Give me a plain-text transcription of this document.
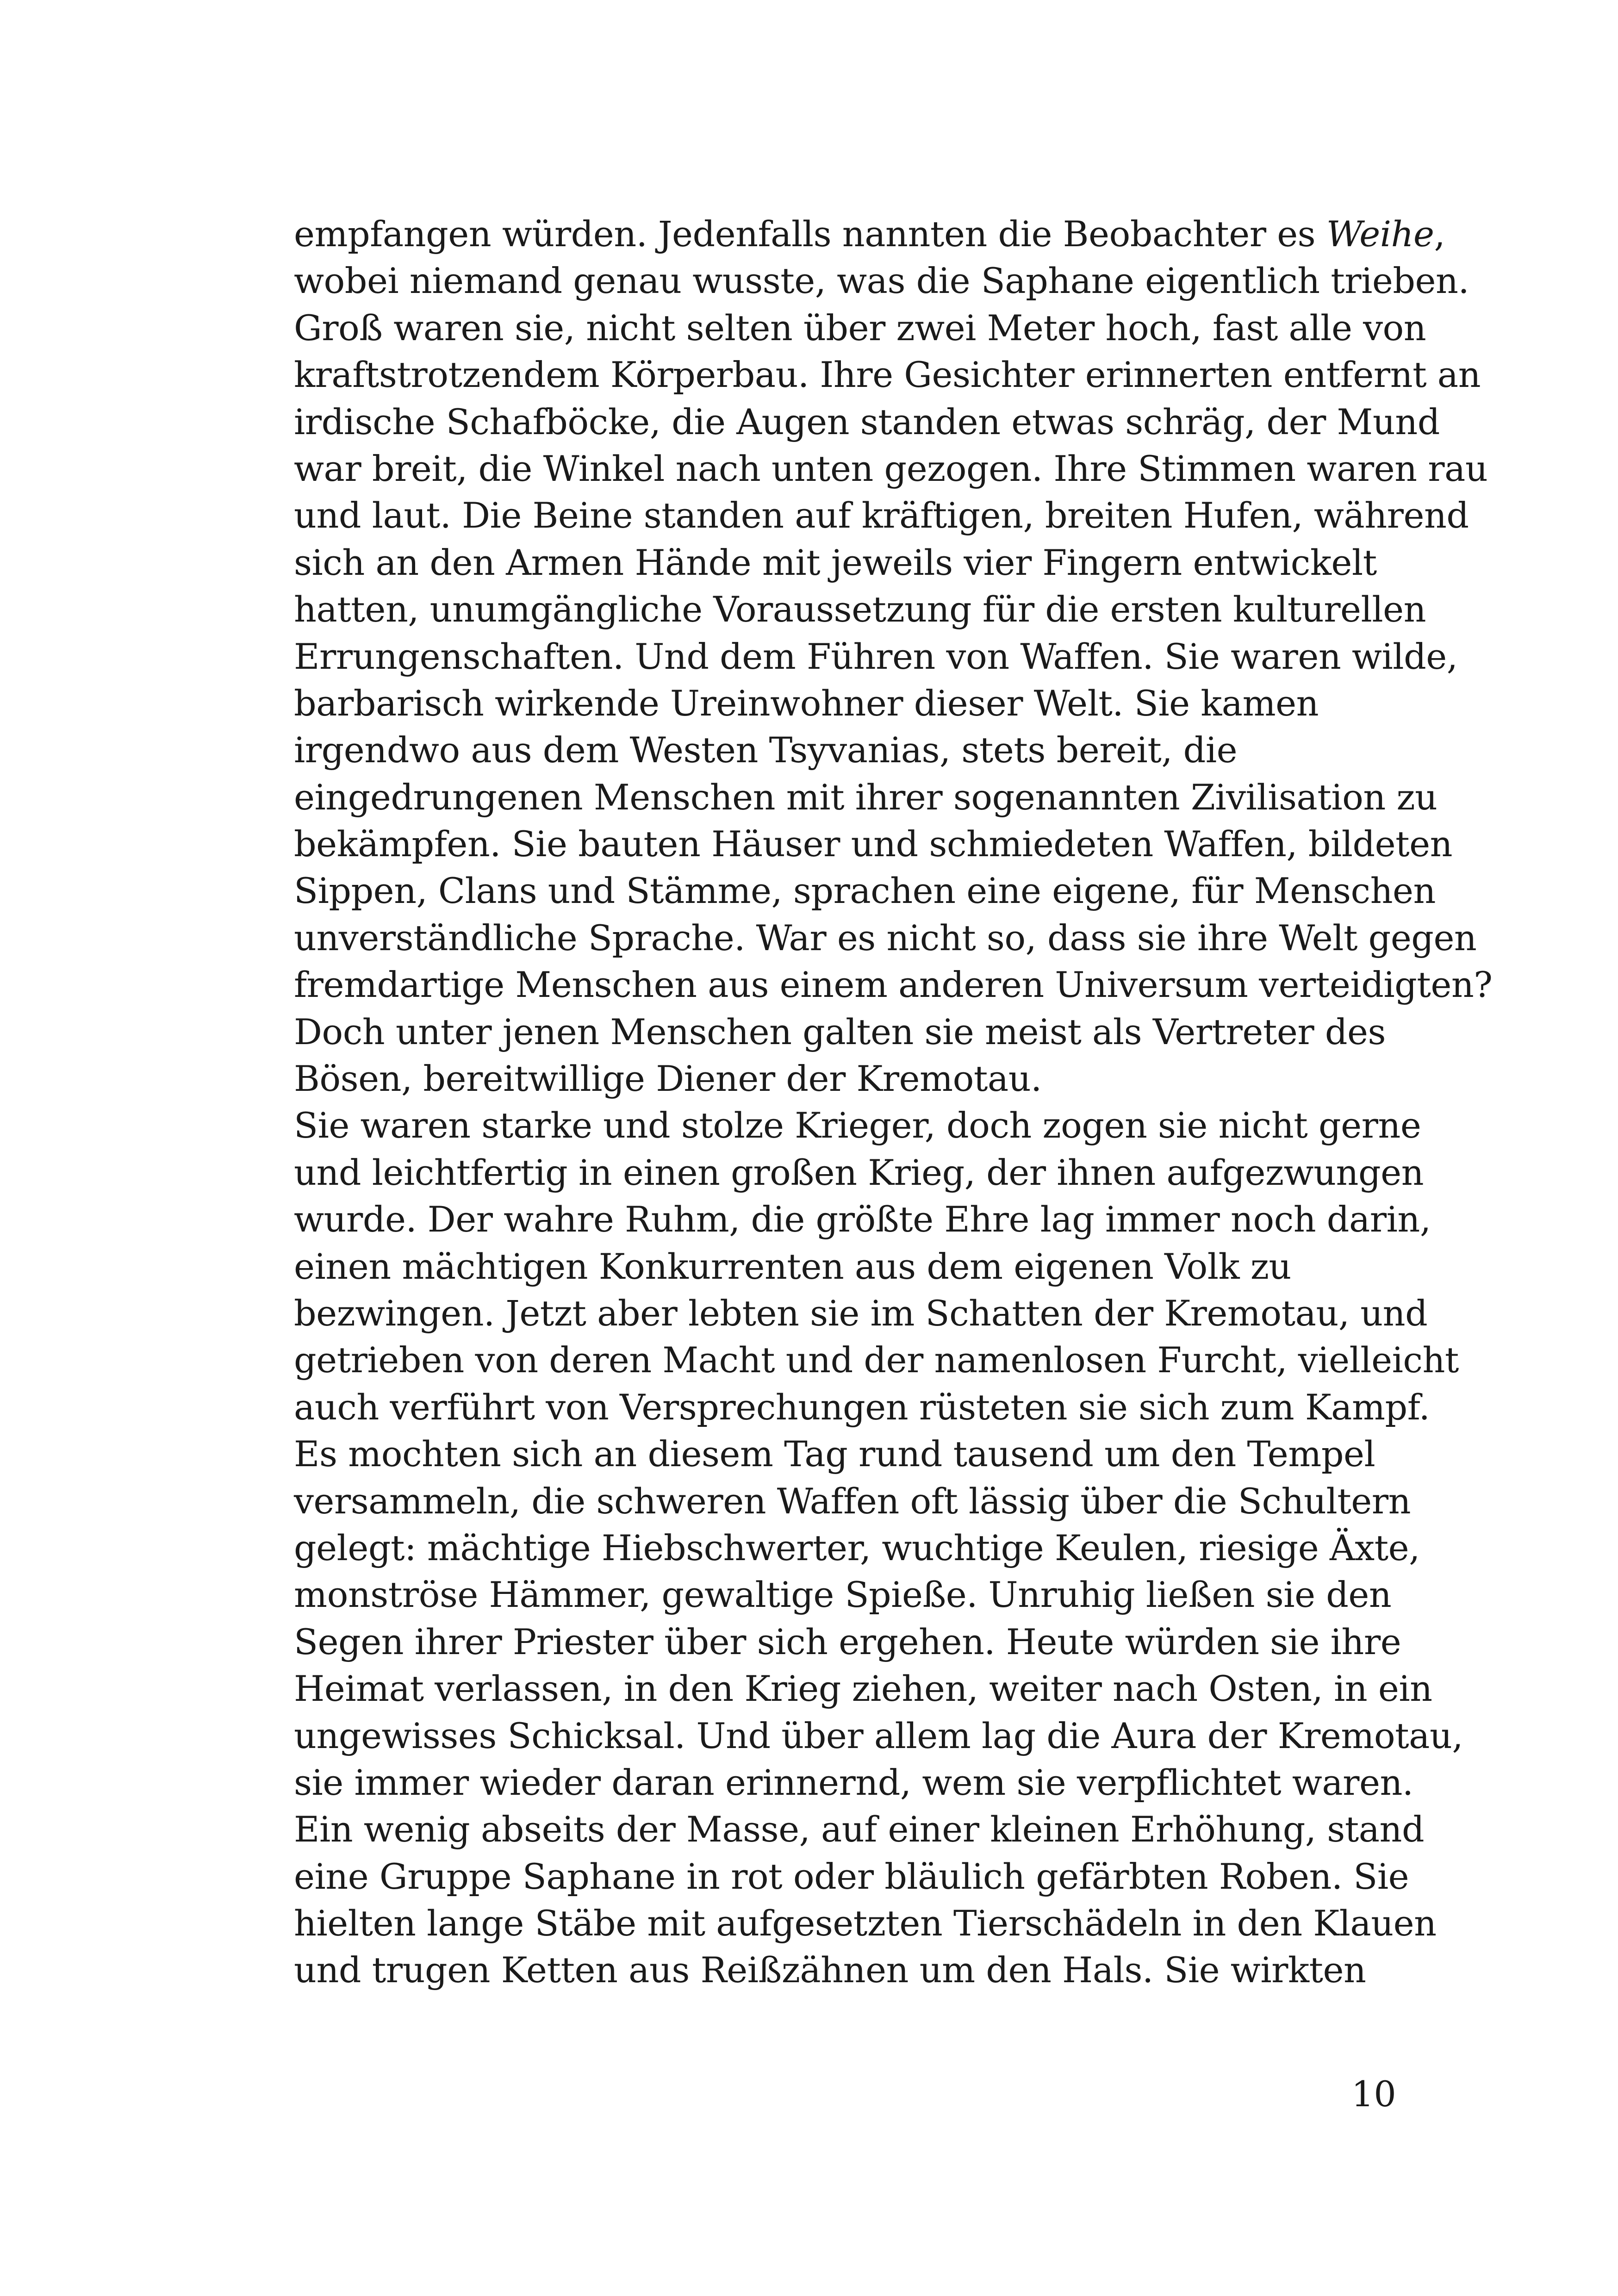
empfangen würden. Jedenfalls nannten die Beobachter es Weihe,
wobei niemand genau wusste, was die Saphane eigentlich trieben.
Groß waren sie, nicht selten über zwei Meter hoch, fast alle von
kraftstrotzendem Körperbau. Ihre Gesichter erinnerten entfernt an
irdische Schafböcke, die Augen standen etwas schräg, der Mund
war breit, die Winkel nach unten gezogen. Ihre Stimmen waren rau
und laut. Die Beine standen auf kräftigen, breiten Hufen, während
sich an den Armen Hände mit jeweils vier Fingern entwickelt
hatten, unumgängliche Voraussetzung für die ersten kulturellen
Errungenschaften. Und dem Führen von Waffen. Sie waren wilde,
barbarisch wirkende Ureinwohner dieser Welt. Sie kamen
irgendwo aus dem Westen Tsyvanias, stets bereit, die
eingedrungenen Menschen mit ihrer sogenannten Zivilisation zu
bekämpfen. Sie bauten Häuser und schmiedeten Waffen, bildeten
Sippen, Clans und Stämme, sprachen eine eigene, für Menschen
unverständliche Sprache. War es nicht so, dass sie ihre Welt gegen
fremdartige Menschen aus einem anderen Universum verteidigten?
Doch unter jenen Menschen galten sie meist als Vertreter des
Bösen, bereitwillige Diener der Kremotau.
Sie waren starke und stolze Krieger, doch zogen sie nicht gerne
und leichtfertig in einen großen Krieg, der ihnen aufgezwungen
wurde. Der wahre Ruhm, die größte Ehre lag immer noch darin,
einen mächtigen Konkurrenten aus dem eigenen Volk zu
bezwingen. Jetzt aber lebten sie im Schatten der Kremotau, und
getrieben von deren Macht und der namenlosen Furcht, vielleicht
auch verführt von Versprechungen rüsteten sie sich zum Kampf.
Es mochten sich an diesem Tag rund tausend um den Tempel
versammeln, die schweren Waffen oft lässig über die Schultern
gelegt: mächtige Hiebschwerter, wuchtige Keulen, riesige Äxte,
monströse Hämmer, gewaltige Spieße. Unruhig ließen sie den
Segen ihrer Priester über sich ergehen. Heute würden sie ihre
Heimat verlassen, in den Krieg ziehen, weiter nach Osten, in ein
ungewisses Schicksal. Und über allem lag die Aura der Kremotau,
sie immer wieder daran erinnernd, wem sie verpflichtet waren.
Ein wenig abseits der Masse, auf einer kleinen Erhöhung, stand
eine Gruppe Saphane in rot oder bläulich gefärbten Roben. Sie
hielten lange Stäbe mit aufgesetzten Tierschädeln in den Klauen
und trugen Ketten aus Reißzähnen um den Hals. Sie wirkten
10
